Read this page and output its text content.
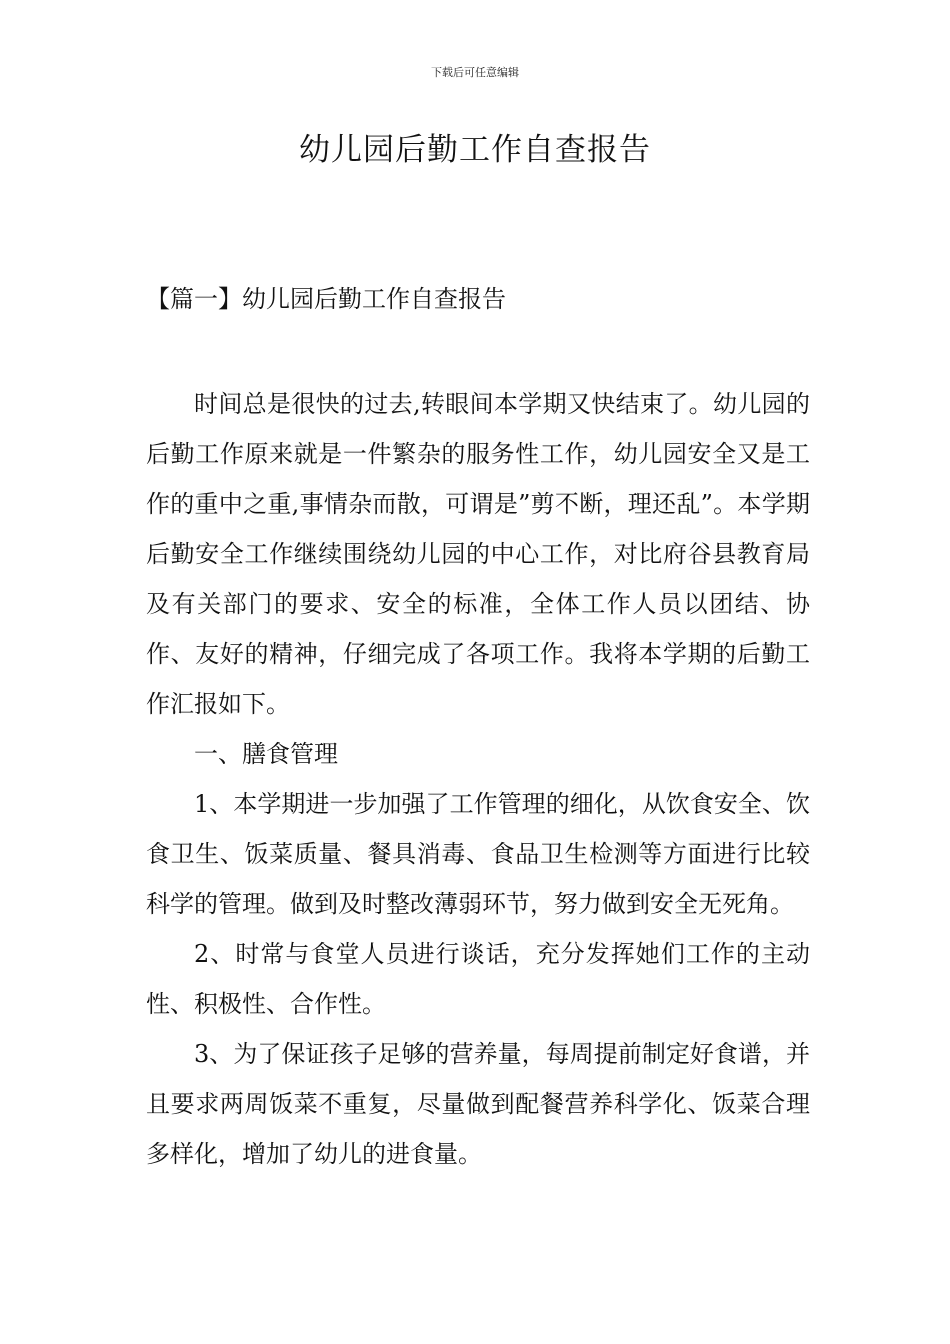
下载后可任意编辑
幼儿园后勤工作自查报告
【篇一】幼儿园后勤工作自查报告

时间总是很快的过去,转眼间本学期又快结束了。幼儿园的后勤工作原来就是一件繁杂的服务性工作，幼儿园安全又是工作的重中之重,事情杂而散，可谓是”剪不断，理还乱”。本学期后勤安全工作继续围绕幼儿园的中心工作，对比府谷县教育局及有关部门的要求、安全的标准，全体工作人员以团结、协作、友好的精神，仔细完成了各项工作。我将本学期的后勤工作汇报如下。

一、膳食管理

1、本学期进一步加强了工作管理的细化，从饮食安全、饮食卫生、饭菜质量、餐具消毒、食品卫生检测等方面进行比较科学的管理。做到及时整改薄弱环节，努力做到安全无死角。

2、时常与食堂人员进行谈话，充分发挥她们工作的主动性、积极性、合作性。

3、为了保证孩子足够的营养量，每周提前制定好食谱，并且要求两周饭菜不重复，尽量做到配餐营养科学化、饭菜合理多样化，增加了幼儿的进食量。
